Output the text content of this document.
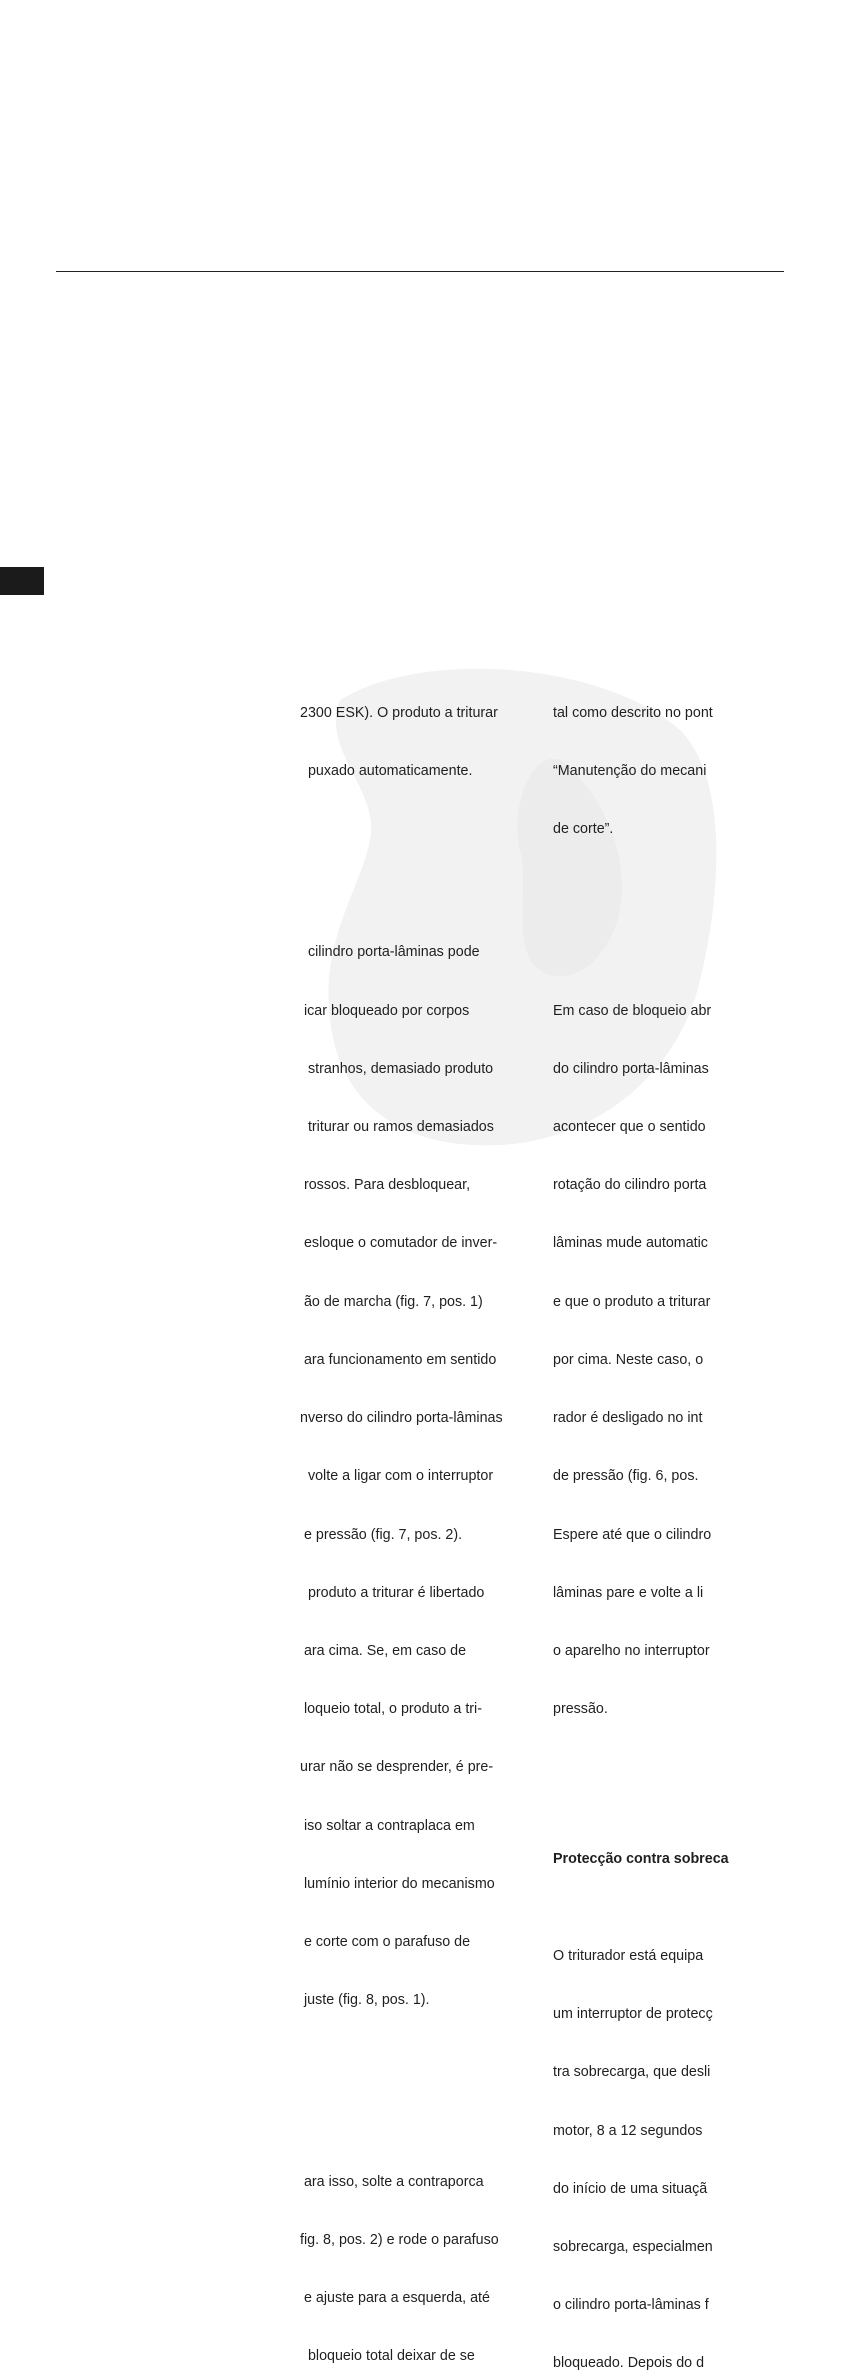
2300 ESK). O produto a triturar

puxado automaticamente.

cilindro porta-lâminas pode

icar bloqueado por corpos

stranhos, demasiado produto

triturar ou ramos demasiados

rossos. Para desbloquear,

esloque o comutador de inver-

ão de marcha (fig. 7, pos. 1)

ara funcionamento em sentido

nverso do cilindro porta-lâminas

volte a ligar com o interruptor

e pressão (fig. 7, pos. 2).

produto a triturar é libertado

ara cima. Se, em caso de

loqueio total, o produto a tri-

urar não se desprender, é pre-

iso soltar a contraplaca em

lumínio interior do mecanismo

e corte com o parafuso de

juste (fig. 8, pos. 1).

ara isso, solte a contraporca

fig. 8, pos. 2) e rode o parafuso

e ajuste para a esquerda, até

bloqueio total deixar de se

tal como descrito no pont

“Manutenção do mecani

de corte”.

Em caso de bloqueio abr

do cilindro porta-lâminas

acontecer que o sentido

rotação do cilindro porta

lâminas mude automatic

e que o produto a triturar

por cima. Neste caso, o

rador é desligado no int

de pressão (fig. 6, pos.

Espere até que o cilindro

lâminas pare e volte a li

o aparelho no interruptor

pressão.

Protecção contra sobreca

O triturador está equipa

um interruptor de protecç

tra sobrecarga, que desli

motor, 8 a 12 segundos

do início de uma situaçã

sobrecarga, especialmen

o cilindro porta-lâminas f

bloqueado. Depois do d
